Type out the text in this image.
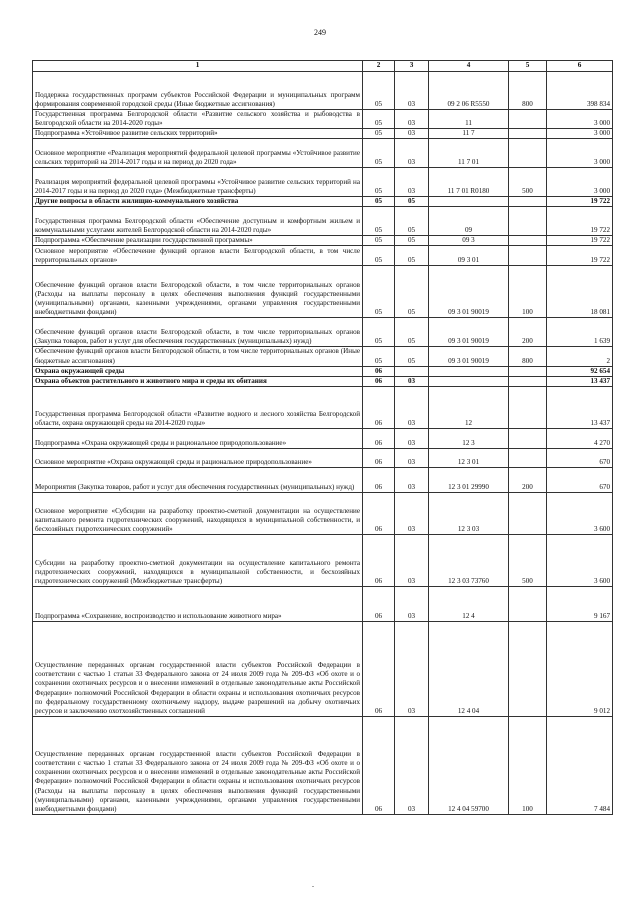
249
1	2	3	4	5	6
Поддержка государственных программ субъектов Российской Федерации и муниципальных программ формирования современной городской среды (Иные бюджетные ассигнования)	05	03	09 2 06 R5550	800	398 834
Государственная программа Белгородской области «Развитие сельского хозяйства и рыбоводства в Белгородской области на 2014-2020 годы»	05	03	11		3 000
Подпрограмма «Устойчивое развитие сельских территорий»	05	03	11 7		3 000
Основное мероприятие «Реализация мероприятий федеральной целевой программы «Устойчивое развитие сельских территорий на 2014-2017 годы и на период до 2020 года»	05	03	11 7 01		3 000
Реализация мероприятий федеральной целевой программы «Устойчивое развитие сельских территорий на 2014-2017 годы и на период до 2020 года» (Межбюджетные трансферты)	05	03	11 7 01 R0180	500	3 000
Другие вопросы в области жилищно-коммунального хозяйства	05	05			19 722
Государственная программа Белгородской области «Обеспечение доступным и комфортным жильем и коммунальными услугами жителей Белгородской области на 2014-2020 годы»	05	05	09		19 722
Подпрограмма «Обеспечение реализации государственной программы»	05	05	09 3		19 722
Основное мероприятие «Обеспечение функций органов власти Белгородской области, в том числе территориальных органов»	05	05	09 3 01		19 722
Обеспечение функций органов власти Белгородской области, в том числе территориальных органов (Расходы на выплаты персоналу в целях обеспечения выполнения функций государственными (муниципальными) органами, казенными учреждениями, органами управления государственными внебюджетными фондами)	05	05	09 3 01 90019	100	18 081
Обеспечение функций органов власти Белгородской области, в том числе территориальных органов (Закупка товаров, работ и услуг для обеспечения государственных (муниципальных) нужд)	05	05	09 3 01 90019	200	1 639
Обеспечение функций органов власти Белгородской области, в том числе территориальных органов (Иные бюджетные ассигнования)	05	05	09 3 01 90019	800	2
Охрана окружающей среды	06				92 654
Охрана объектов растительного и животного мира и среды их обитания	06	03			13 437
Государственная программа Белгородской области «Развитие водного и лесного хозяйства Белгородской области, охрана окружающей среды на 2014-2020 годы»	06	03	12		13 437
Подпрограмма «Охрана окружающей среды и рациональное природопользование»	06	03	12 3		4 270
Основное мероприятие «Охрана окружающей среды и рациональное природопользование»	06	03	12 3 01		670
Мероприятия (Закупка товаров, работ и услуг для обеспечения государственных (муниципальных) нужд)	06	03	12 3 01 29990	200	670
Основное мероприятие «Субсидии на разработку проектно-сметной документации на осуществление капитального ремонта гидротехнических сооружений, находящихся в муниципальной собственности, и бесхозяйных гидротехнических сооружений»	06	03	12 3 03		3 600
Субсидии на разработку проектно-сметной документации на осуществление капитального ремонта гидротехнических сооружений, находящихся в муниципальной собственности, и бесхозяйных гидротехнических сооружений (Межбюджетные трансферты)	06	03	12 3 03 73760	500	3 600
Подпрограмма «Сохранение, воспроизводство и использование животного мира»	06	03	12 4		9 167
Осуществление переданных органам государственной власти субъектов Российской Федерации в соответствии с частью 1 статьи 33 Федерального закона от 24 июля 2009 года № 209-ФЗ «Об охоте и о сохранении охотничьих ресурсов и о внесении изменений в отдельные законодательные акты Российской Федерации» полномочий Российской Федерации в области охраны и использования охотничьих ресурсов по федеральному государственному охотничьему надзору, выдаче разрешений на добычу охотничьих ресурсов и заключению охотхозяйственных соглашений	06	03	12 4 04		9 012
Осуществление переданных органам государственной власти субъектов Российской Федерации в соответствии с частью 1 статьи 33 Федерального закона от 24 июля 2009 года № 209-ФЗ «Об охоте и о сохранении охотничьих ресурсов и о внесении изменений в отдельные законодательные акты Российской Федерации» полномочий Российской Федерации в области охраны и использования охотничьих ресурсов (Расходы на выплаты персоналу в целях обеспечения выполнения функций государственными (муниципальными) органами, казенными учреждениями, органами управления государственными внебюджетными фондами)	06	03	12 4 04 59700	100	7 484
.
